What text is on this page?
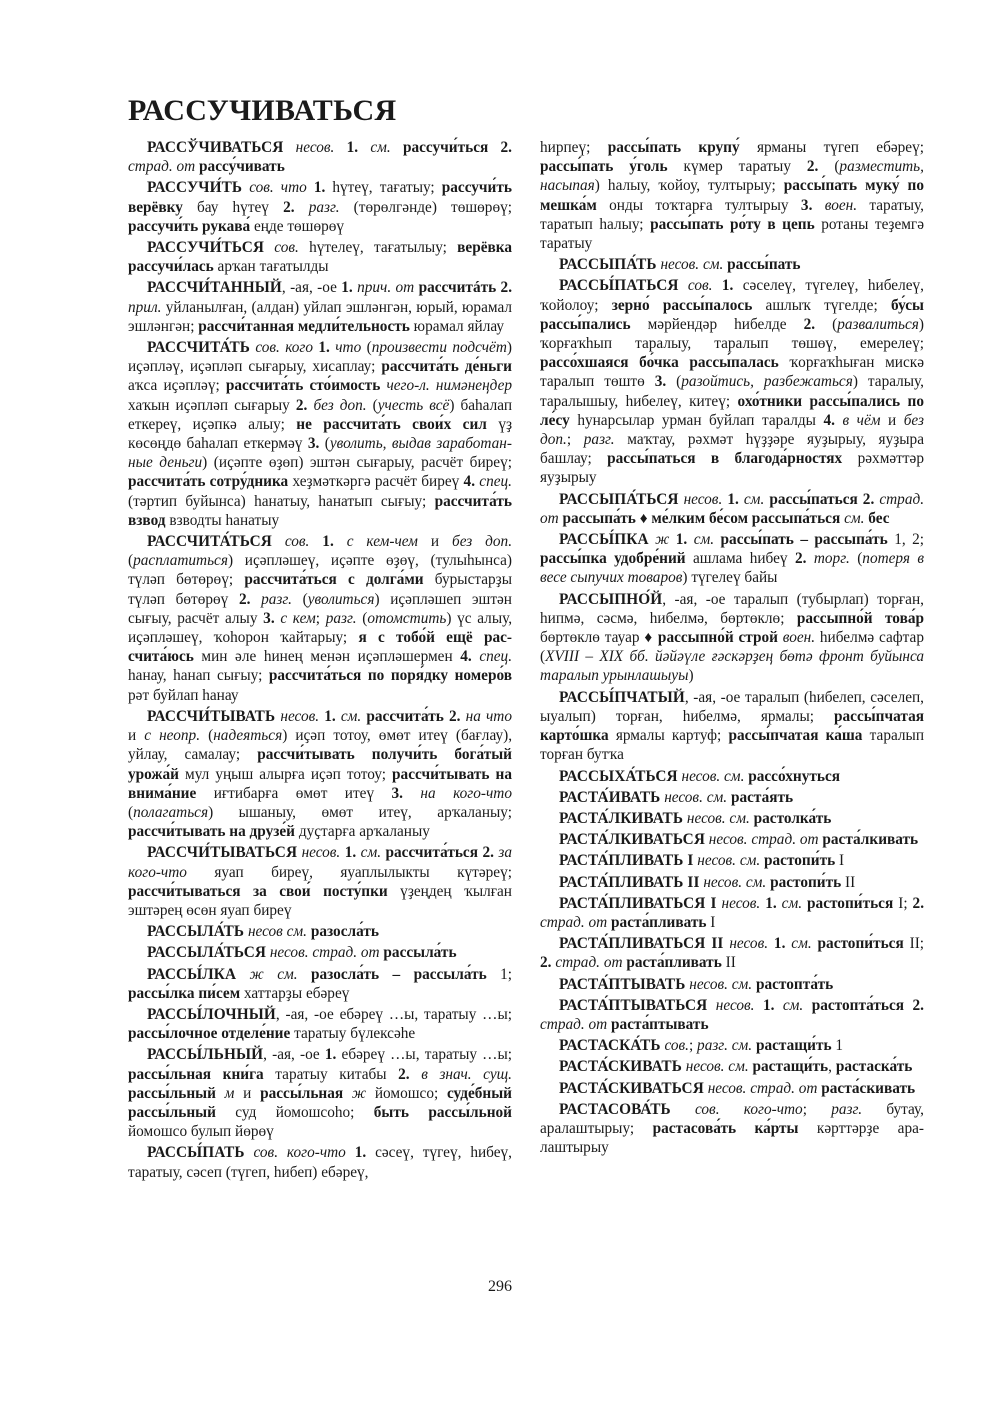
РАССУЧИВАТЬСЯ

РАССЎЧИВАТЬСЯ несов. 1. см. рассучи́ться 2. страд. от рассу́чивать

РАССУЧИ́ТЬ сов. что 1. һүтеү, тағатыу; рассучи́ть верёвку бау һүтеү 2. разг. (төрөлгәнде) төшөрөү; рассучи́ть рукава́ еңде төшөрөү

РАССУЧИ́ТЬСЯ сов. һүтелеү, тағатылыу; верёвка рассучи́лась арҡан тағатылды

РАССЧИ́ТАННЫЙ, -ая, -ое 1. прич. от рассчитáть 2. прил. уйланылған, (алдан) уйлап эшләнгән, юрый, юрамал эшләнгән; рассчи́танная медли́тельность юрамал яйлау

РАССЧИТА́ТЬ сов. кого 1. что (произвести подсчёт) иҫәпләү, иҫәпләп сығарыу, хисаплау; рассчита́ть де́ньги аҡса иҫәпләү; рассчита́ть сто́имость чего-л. нимәнеңдер хаҡын иҫәпләп сығарыу 2. без доп. (учесть всё) баһалап еткереү, иҫәпкә алыу; не рассчита́ть свои́х сил үҙ көсөңдө баһалап еткермәү 3. (уволить, выдав заработанные деньги) (иҫәпте өҙөп) эштән сығарыу, расчёт биреү; рассчита́ть сотру́дника хеҙмәткәргә расчёт биреү 4. спец. (тәртип буйынса) һанатыу, һанатып сығыу; рассчита́ть взвод взводты һанатыу

РАССЧИТА́ТЬСЯ сов. 1. с кем-чем и без доп. (расплатиться) иҫәпләшеү, иҫәпте өҙөү, (тулыһынса) түләп бөтөрөү; рассчита́ться с долга́ми бурыстарҙы түләп бөтөрөү 2. разг. (уволиться) иҫәпләшеп эштән сығыу, расчёт алыу 3. с кем; разг. (отомстить) үс алыу, иҫәпләшеү, ҡоһорон ҡайтарыу; я с тобо́й ещё рассчита́юсь мин әле һинең менән иҫәпләшермен 4. спец. һанау, һанап сығыу; рассчита́ться по поря́дку номеро́в рәт буйлап һанау

РАССЧИ́ТЫВАТЬ несов. 1. см. рассчита́ть 2. на что и с неопр. (надеяться) иҫәп тотоу, өмөт итеү (бағлау), уйлау, самалау; рассчи́тывать получи́ть бога́тый урожа́й мул уңыш алырға иҫәп тотоу; рассчи́тывать на внима́ние иғтибарға өмөт итеү 3. на кого-что (полагаться) ышаныу, өмөт итеү, арҡаланыу; рассчи́тывать на друзе́й дуҫтарға арҡаланыу

РАССЧИ́ТЫВАТЬСЯ несов. 1. см. рассчита́ться 2. за кого-что яуап биреү, яуаплылыкты күтәреү; рассчи́тываться за свои́ посту́пки үҙеңдең ҡылған эштәрең өсөн яуап биреү

РАССЫЛА́ТЬ несов см. разосла́ть

РАССЫЛА́ТЬСЯ несов. страд. от рассыла́ть

РАССЫ́ЛКА ж см. разосла́ть – рассыла́ть 1; рассы́лка пи́сем хаттарҙы ебәреү

РАССЫ́ЛОЧНЫЙ, -ая, -ое ебәреү …ы, таратыу …ы; рассы́лочное отделе́ние таратыу бүлексәһе

РАССЫ́ЛЬНЫЙ, -ая, -ое 1. ебәреү …ы, таратыу …ы; рассы́льная кни́га таратыу китабы 2. в знач. сущ. рассы́льный м и рассы́льная ж йомошсо; суде́бный рассы́льный суд йомошсоһо; быть рассы́льной йомошсо булып йөрөү

РАССЫ́ПАТЬ сов. кого-что 1. сәсеү, түгеү, һибеү, таратыу, сәсеп (түгеп, һибеп) ебәреү,

һирпеү; рассы́пать крупу́ ярманы түгеп ебәреү; рассы́пать у́голь күмер таратыу 2. (разместить, насыпая) һалыу, ҡойоу, тултырыу; рассы́пать муку́ по мешка́м онды тоҡтарға тултырыу 3. воен. таратыу, таратып һалыу; рассы́пать ро́ту в цепь ротаны теҙемгә таратыу

РАССЫПА́ТЬ несов. см. рассы́пать

РАССЫ́ПАТЬСЯ сов. 1. сәселеү, түгелеү, һибелеү, ҡойолоу; зерно́ рассы́палось ашлыҡ түгелде; бу́сы рассы́пались мәрйендәр һибелде 2. (развалиться) ҡорғаҡһып таралыу, таралып төшөү, емерелеү; рассо́хшаяся бо́чка рассы́палась ҡорғаҡһыған мискә таралып төштө 3. (разойтись, разбежаться) таралыу, таралышыу, һибелеү, китеү; охо́тники рассы́пались по ле́су һунарсылар урман буйлап таралды 4. в чём и без доп.; разг. маҡтау, рәхмәт һүҙҙәре яуҙырыу, яуҙыра башлау; рассы́паться в благода́рностях рәхмәттәр яуҙырыу

РАССЫПА́ТЬСЯ несов. 1. см. рассы́паться 2. страд. от рассыпа́ть ♦ ме́лким бе́сом рассыпа́ться см. бес

РАССЫ́ПКА ж 1. см. рассы́пать – рассыпа́ть 1, 2; рассы́пка удобре́ний ашлама һибеү 2. торг. (потеря в весе сыпучих товаров) түгелеү байы

РАССЫПНО́Й, -ая, -ое таралып (тубырлап) торған, һипмә, сәсмә, һибелмә, бөртөклө; рассыпно́й това́р бөртөклө тауар ♦ рассыпно́й строй воен. һибелмә сафтар (XVIII – XIX бб. йәйәүле ғәскәрҙең бөтә фронт буйынса таралып урынлашыуы)

РАССЫ́ПЧАТЫЙ, -ая, -ое таралып (һибелеп, сәселеп, ыуалып) торған, һибелмә, ярмалы; рассы́пчатая карто́шка ярмалы картуф; рассы́пчатая ка́ша таралып торған бутҡа

РАССЫХА́ТЬСЯ несов. см. рассо́хнуться

РАСТА́ИВАТЬ несов. см. раста́ять

РАСТА́ЛКИВАТЬ несов. см. растолка́ть

РАСТА́ЛКИВАТЬСЯ несов. страд. от раста́лкивать

РАСТА́ПЛИВАТЬ I несов. см. растопи́ть I

РАСТА́ПЛИВАТЬ II несов. см. растопи́ть II

РАСТА́ПЛИВАТЬСЯ I несов. 1. см. растопи́ться I; 2. страд. от раста́пливать I

РАСТА́ПЛИВАТЬСЯ II несов. 1. см. растопи́ться II; 2. страд. от раста́пливать II

РАСТА́ПТЫВАТЬ несов. см. растопта́ть

РАСТА́ПТЫВАТЬСЯ несов. 1. см. растопта́ться 2. страд. от раста́птывать

РАСТАСКА́ТЬ сов.; разг. см. растащи́ть 1

РАСТА́СКИВАТЬ несов. см. растащи́ть, растаска́ть

РАСТА́СКИВАТЬСЯ несов. страд. от раста́скивать

РАСТАСОВА́ТЬ сов. кого-что; разг. бутау, аралаштырыу; растасова́ть ка́рты кәрттәрҙе аралаштырыу

296
